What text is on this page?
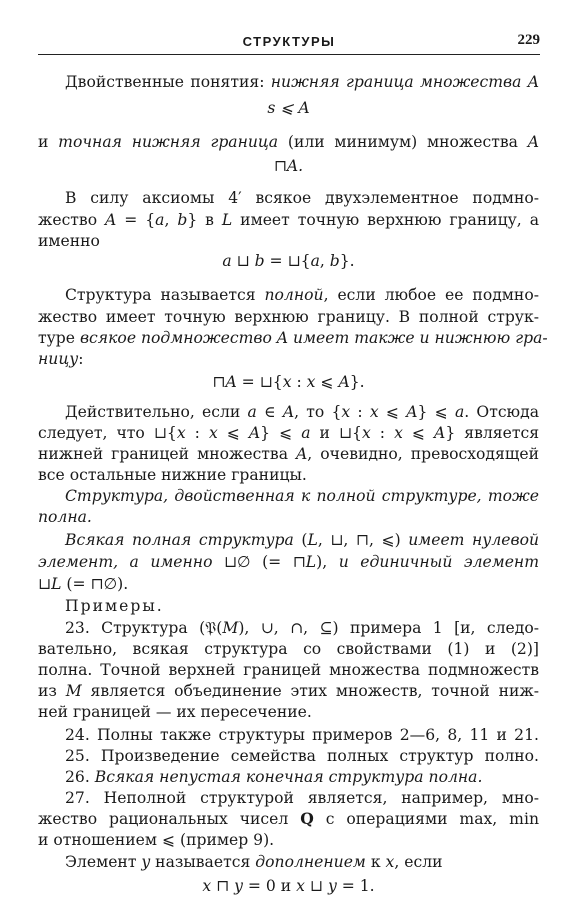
СТРУКТУРЫ	229
Двойственные понятия: нижняя граница множества A
s ⩽ A
и точная нижняя граница (или минимум) множества A
⊓A.
В силу аксиомы 4′ всякое двухэлементное подмно-
жество A = {a, b} в L имеет точную верхнюю границу, а
именно
a ⊔ b = ⊔{a, b}.
Структура называется полной, если любое ее подмно-
жество имеет точную верхнюю границу. В полной струк-
туре всякое подмножество A имеет также и нижнюю гра-
ницу:
⊓A = ⊔{x : x ⩽ A}.
Действительно, если a ∈ A, то {x : x ⩽ A} ⩽ a. Отсюда
следует, что ⊔{x : x ⩽ A} ⩽ a и ⊔{x : x ⩽ A} является
нижней границей множества A, очевидно, превосходящей
все остальные нижние границы.
Структура, двойственная к полной структуре, тоже
полна.
Всякая полная структура (L, ⊔, ⊓, ⩽) имеет нулевой
элемент, а именно ⊔∅ (= ⊓L), и единичный элемент
⊔L (= ⊓∅).
Примеры.
23. Структура (𝔓(M), ∪, ∩, ⊆) примера 1 [и, следо-
вательно, всякая структура со свойствами (1) и (2)]
полна. Точной верхней границей множества подмножеств
из M является объединение этих множеств, точной ниж-
ней границей — их пересечение.
24. Полны также структуры примеров 2—6, 8, 11 и 21.
25. Произведение семейства полных структур полно.
26. Всякая непустая конечная структура полна.
27. Неполной структурой является, например, мно-
жество рациональных чисел Q с операциями max, min
и отношением ⩽ (пример 9).
Элемент y называется дополнением к x, если
x ⊓ y = 0 и x ⊔ y = 1.
